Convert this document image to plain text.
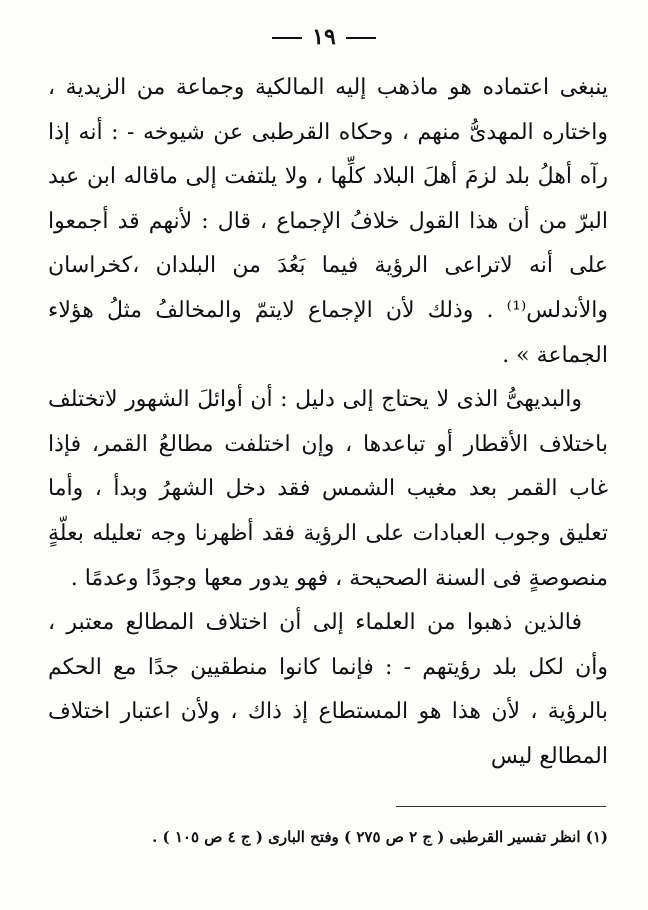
١٩

ينبغى اعتماده هو ماذهب إليه المالكية وجماعة من الزيدية ، واختاره المهدىُّ منهم ، وحكاه القرطبى عن شيوخه - : أنه إذا رآه أهلُ بلد لزمَ أهلَ البلاد كلِّها ، ولا يلتفت إلى ماقاله ابن عبد البرّ من أن هذا القول خلافُ الإجماع ، قال : لأنهم قد أجمعوا على أنه لاتراعى الرؤية فيما بَعُدَ من البلدان ،كخراسان والأندلس⁽¹⁾ . وذلك لأن الإجماع لايتمّ والمخالفُ مثلُ هؤلاء الجماعة » .

والبديهىُّ الذى لا يحتاج إلى دليل : أن أوائلَ الشهور لاتختلف باختلاف الأقطار أو تباعدها ، وإن اختلفت مطالعُ القمر، فإذا غاب القمر بعد مغيب الشمس فقد دخل الشهرُ وبدأ ، وأما تعليق وجوب العبادات على الرؤية فقد أظهرنا وجه تعليله بعلّةٍ منصوصةٍ فى السنة الصحيحة ، فهو يدور معها وجودًا وعدمًا .

فالذين ذهبوا من العلماء إلى أن اختلاف المطالع معتبر ، وأن لكل بلد رؤيتهم - : فإنما كانوا منطقيين جدًا مع الحكم بالرؤية ، لأن هذا هو المستطاع إذ ذاك ، ولأن اعتبار اختلاف المطالع ليس

(١) انظر تفسير القرطبى ( ج ٢ ص ٢٧٥ ) وفتح البارى ( ج ٤ ص ١٠٥ ) .
